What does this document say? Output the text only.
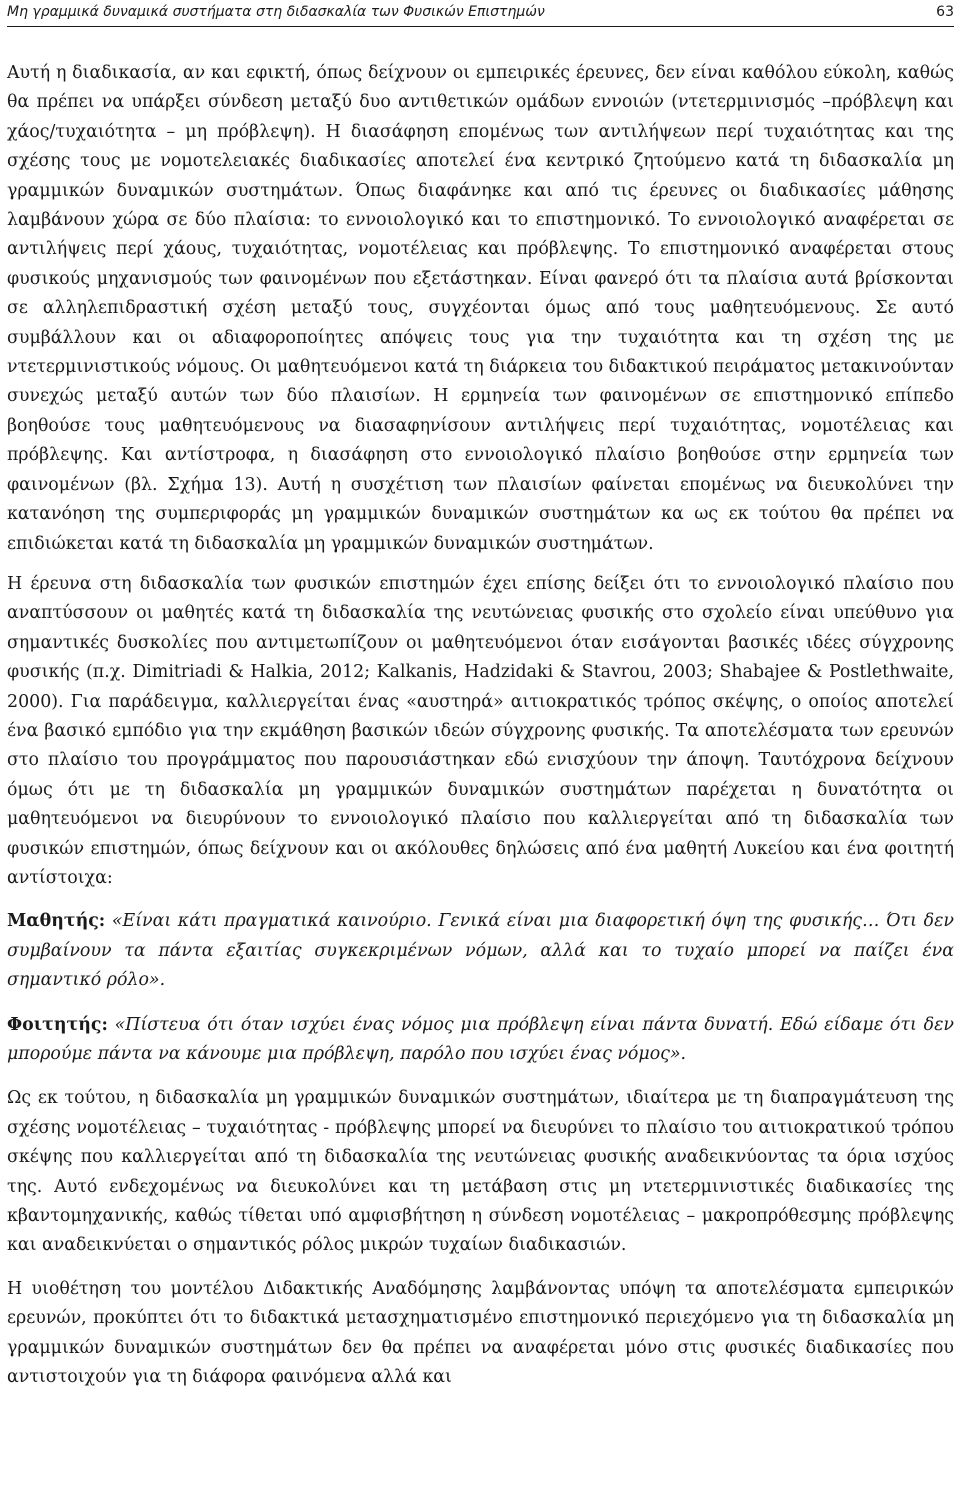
Μη γραμμικά δυναμικά συστήματα στη διδασκαλία των Φυσικών Επιστημών	63

Αυτή η διαδικασία, αν και εφικτή, όπως δείχνουν οι εμπειρικές έρευνες, δεν είναι καθόλου εύκολη, καθώς θα πρέπει να υπάρξει σύνδεση μεταξύ δυο αντιθετικών ομάδων εννοιών (ντετερμινισμός –πρόβλεψη και χάος/τυχαιότητα – μη πρόβλεψη). Η διασάφηση επομένως των αντιλήψεων περί τυχαιότητας και της σχέσης τους με νομοτελειακές διαδικασίες αποτελεί ένα κεντρικό ζητούμενο κατά τη διδασκαλία μη γραμμικών δυναμικών συστημάτων. Όπως διαφάνηκε και από τις έρευνες οι διαδικασίες μάθησης λαμβάνουν χώρα σε δύο πλαίσια: το εννοιολογικό και το επιστημονικό. Το εννοιολογικό αναφέρεται σε αντιλήψεις περί χάους, τυχαιότητας, νομοτέλειας και πρόβλεψης. Το επιστημονικό αναφέρεται στους φυσικούς μηχανισμούς των φαινομένων που εξετάστηκαν. Είναι φανερό ότι τα πλαίσια αυτά βρίσκονται σε αλληλεπιδραστική σχέση μεταξύ τους, συγχέονται όμως από τους μαθητευόμενους. Σε αυτό συμβάλλουν και οι αδιαφοροποίητες απόψεις τους για την τυχαιότητα και τη σχέση της με ντετερμινιστικούς νόμους. Οι μαθητευόμενοι κατά τη διάρκεια του διδακτικού πειράματος μετακινούνταν συνεχώς μεταξύ αυτών των δύο πλαισίων. Η ερμηνεία των φαινομένων σε επιστημονικό επίπεδο βοηθούσε τους μαθητευόμενους να διασαφηνίσουν αντιλήψεις περί τυχαιότητας, νομοτέλειας και πρόβλεψης. Και αντίστροφα, η διασάφηση στο εννοιολογικό πλαίσιο βοηθούσε στην ερμηνεία των φαινομένων (βλ. Σχήμα 13). Αυτή η συσχέτιση των πλαισίων φαίνεται επομένως να διευκολύνει την κατανόηση της συμπεριφοράς μη γραμμικών δυναμικών συστημάτων κα ως εκ τούτου θα πρέπει να επιδιώκεται κατά τη διδασκαλία μη γραμμικών δυναμικών συστημάτων.

Η έρευνα στη διδασκαλία των φυσικών επιστημών έχει επίσης δείξει ότι το εννοιολογικό πλαίσιο που αναπτύσσουν οι μαθητές κατά τη διδασκαλία της νευτώνειας φυσικής στο σχολείο είναι υπεύθυνο για σημαντικές δυσκολίες που αντιμετωπίζουν οι μαθητευόμενοι όταν εισάγονται βασικές ιδέες σύγχρονης φυσικής (π.χ. Dimitriadi & Halkia, 2012; Kalkanis, Hadzidaki & Stavrou, 2003; Shabajee & Postlethwaite, 2000). Για παράδειγμα, καλλιεργείται ένας «αυστηρά» αιτιοκρατικός τρόπος σκέψης, ο οποίος αποτελεί ένα βασικό εμπόδιο για την εκμάθηση βασικών ιδεών σύγχρονης φυσικής. Τα αποτελέσματα των ερευνών στο πλαίσιο του προγράμματος που παρουσιάστηκαν εδώ ενισχύουν την άποψη. Ταυτόχρονα δείχνουν όμως ότι με τη διδασκαλία μη γραμμικών δυναμικών συστημάτων παρέχεται η δυνατότητα οι μαθητευόμενοι να διευρύνουν το εννοιολογικό πλαίσιο που καλλιεργείται από τη διδασκαλία των φυσικών επιστημών, όπως δείχνουν και οι ακόλουθες δηλώσεις από ένα μαθητή Λυκείου και ένα φοιτητή αντίστοιχα:

Μαθητής: «Είναι κάτι πραγματικά καινούριο. Γενικά είναι μια διαφορετική όψη της φυσικής… Ότι δεν συμβαίνουν τα πάντα εξαιτίας συγκεκριμένων νόμων, αλλά και το τυχαίο μπορεί να παίζει ένα σημαντικό ρόλο».

Φοιτητής: «Πίστευα ότι όταν ισχύει ένας νόμος μια πρόβλεψη είναι πάντα δυνατή. Εδώ είδαμε ότι δεν μπορούμε πάντα να κάνουμε μια πρόβλεψη, παρόλο που ισχύει ένας νόμος».

Ως εκ τούτου, η διδασκαλία μη γραμμικών δυναμικών συστημάτων, ιδιαίτερα με τη διαπραγμάτευση της σχέσης νομοτέλειας – τυχαιότητας - πρόβλεψης μπορεί να διευρύνει το πλαίσιο του αιτιοκρατικού τρόπου σκέψης που καλλιεργείται από τη διδασκαλία της νευτώνειας φυσικής αναδεικνύοντας τα όρια ισχύος της. Αυτό ενδεχομένως να διευκολύνει και τη μετάβαση στις μη ντετερμινιστικές διαδικασίες της κβαντομηχανικής, καθώς τίθεται υπό αμφισβήτηση η σύνδεση νομοτέλειας – μακροπρόθεσμης πρόβλεψης και αναδεικνύεται ο σημαντικός ρόλος μικρών τυχαίων διαδικασιών.

Η υιοθέτηση του μοντέλου Διδακτικής Αναδόμησης λαμβάνοντας υπόψη τα αποτελέσματα εμπειρικών ερευνών, προκύπτει ότι το διδακτικά μετασχηματισμένο επιστημονικό περιεχόμενο για τη διδασκαλία μη γραμμικών δυναμικών συστημάτων δεν θα πρέπει να αναφέρεται μόνο στις φυσικές διαδικασίες που αντιστοιχούν για τη διάφορα φαινόμενα αλλά και
